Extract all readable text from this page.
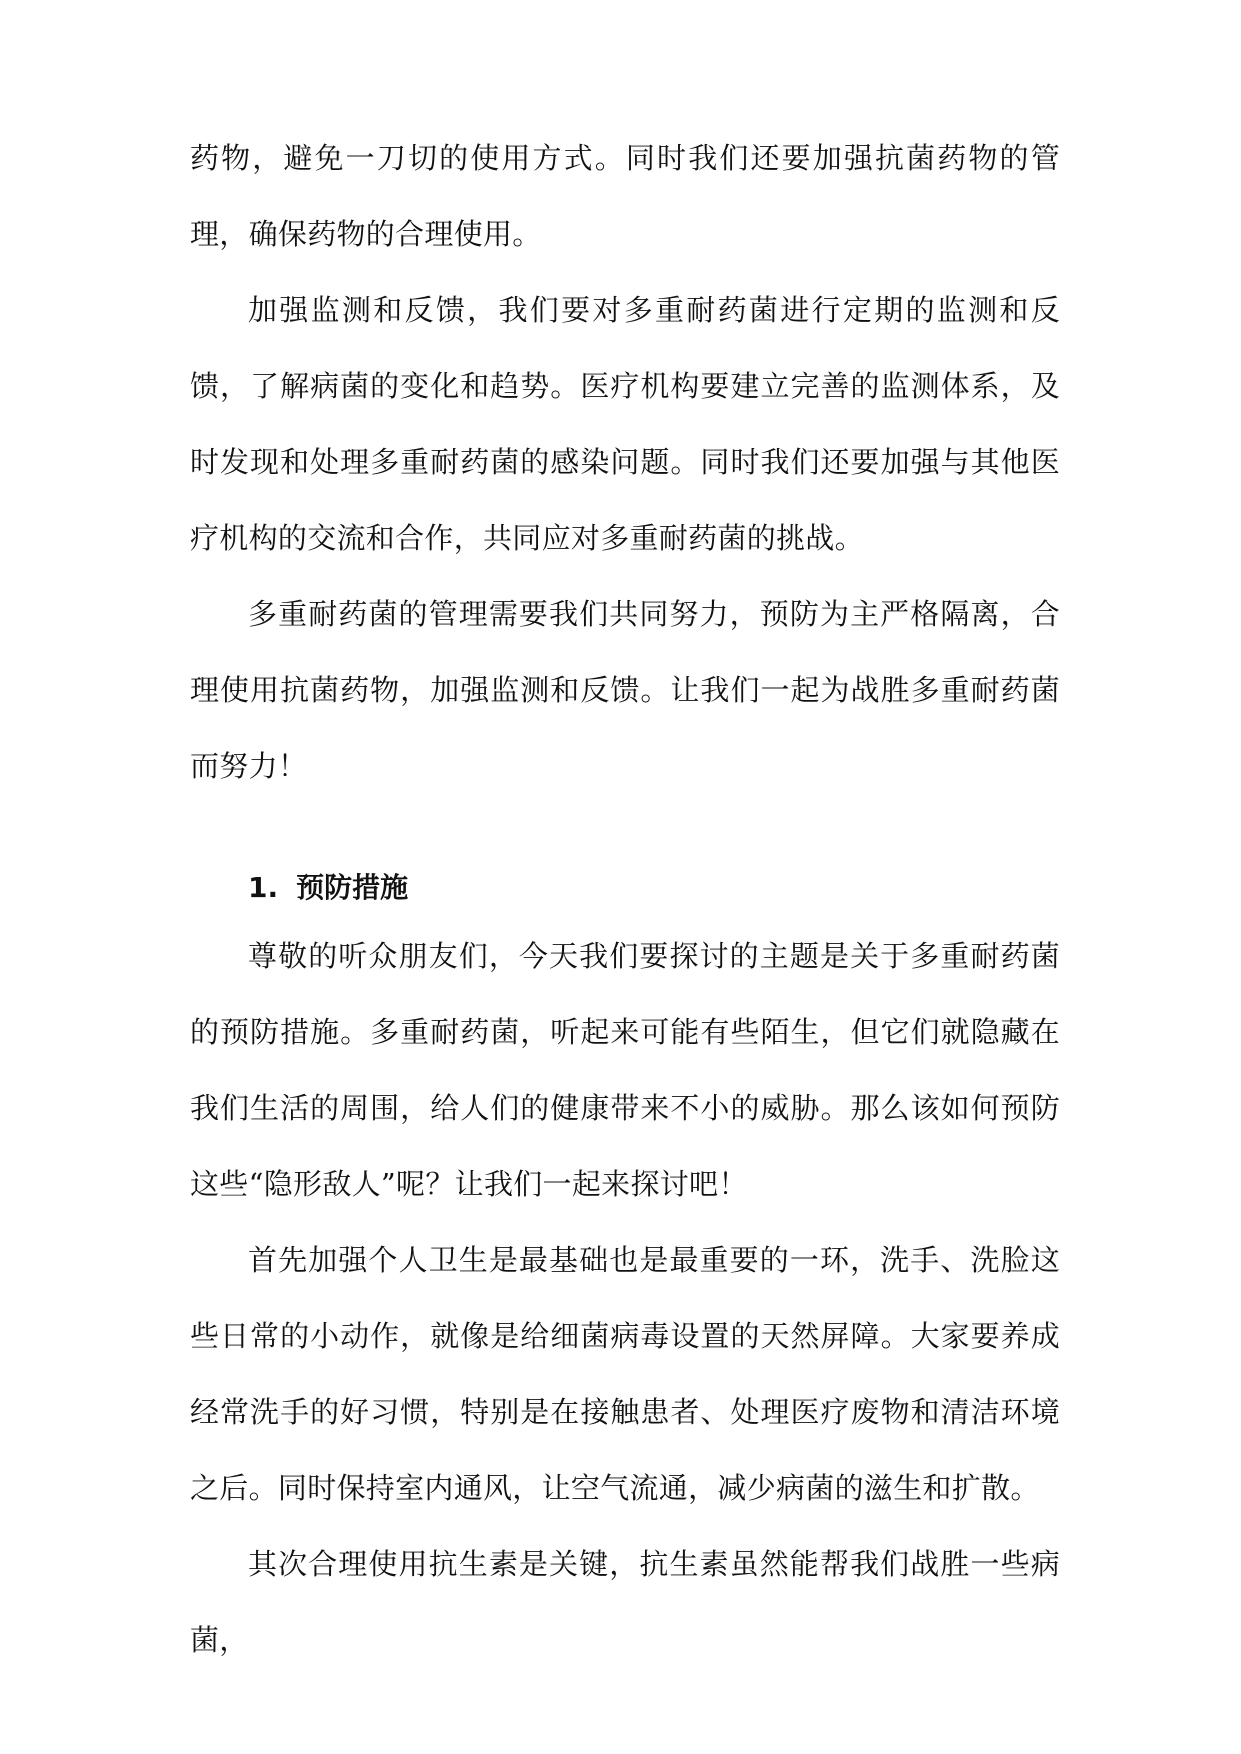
药物，避免一刀切的使用方式。同时我们还要加强抗菌药物的管理，确保药物的合理使用。

加强监测和反馈，我们要对多重耐药菌进行定期的监测和反馈，了解病菌的变化和趋势。医疗机构要建立完善的监测体系，及时发现和处理多重耐药菌的感染问题。同时我们还要加强与其他医疗机构的交流和合作，共同应对多重耐药菌的挑战。

多重耐药菌的管理需要我们共同努力，预防为主严格隔离，合理使用抗菌药物，加强监测和反馈。让我们一起为战胜多重耐药菌而努力！

1. 预防措施

尊敬的听众朋友们，今天我们要探讨的主题是关于多重耐药菌的预防措施。多重耐药菌，听起来可能有些陌生，但它们就隐藏在我们生活的周围，给人们的健康带来不小的威胁。那么该如何预防这些“隐形敌人”呢？让我们一起来探讨吧！

首先加强个人卫生是最基础也是最重要的一环，洗手、洗脸这些日常的小动作，就像是给细菌病毒设置的天然屏障。大家要养成经常洗手的好习惯，特别是在接触患者、处理医疗废物和清洁环境之后。同时保持室内通风，让空气流通，减少病菌的滋生和扩散。

其次合理使用抗生素是关键，抗生素虽然能帮我们战胜一些病菌，
